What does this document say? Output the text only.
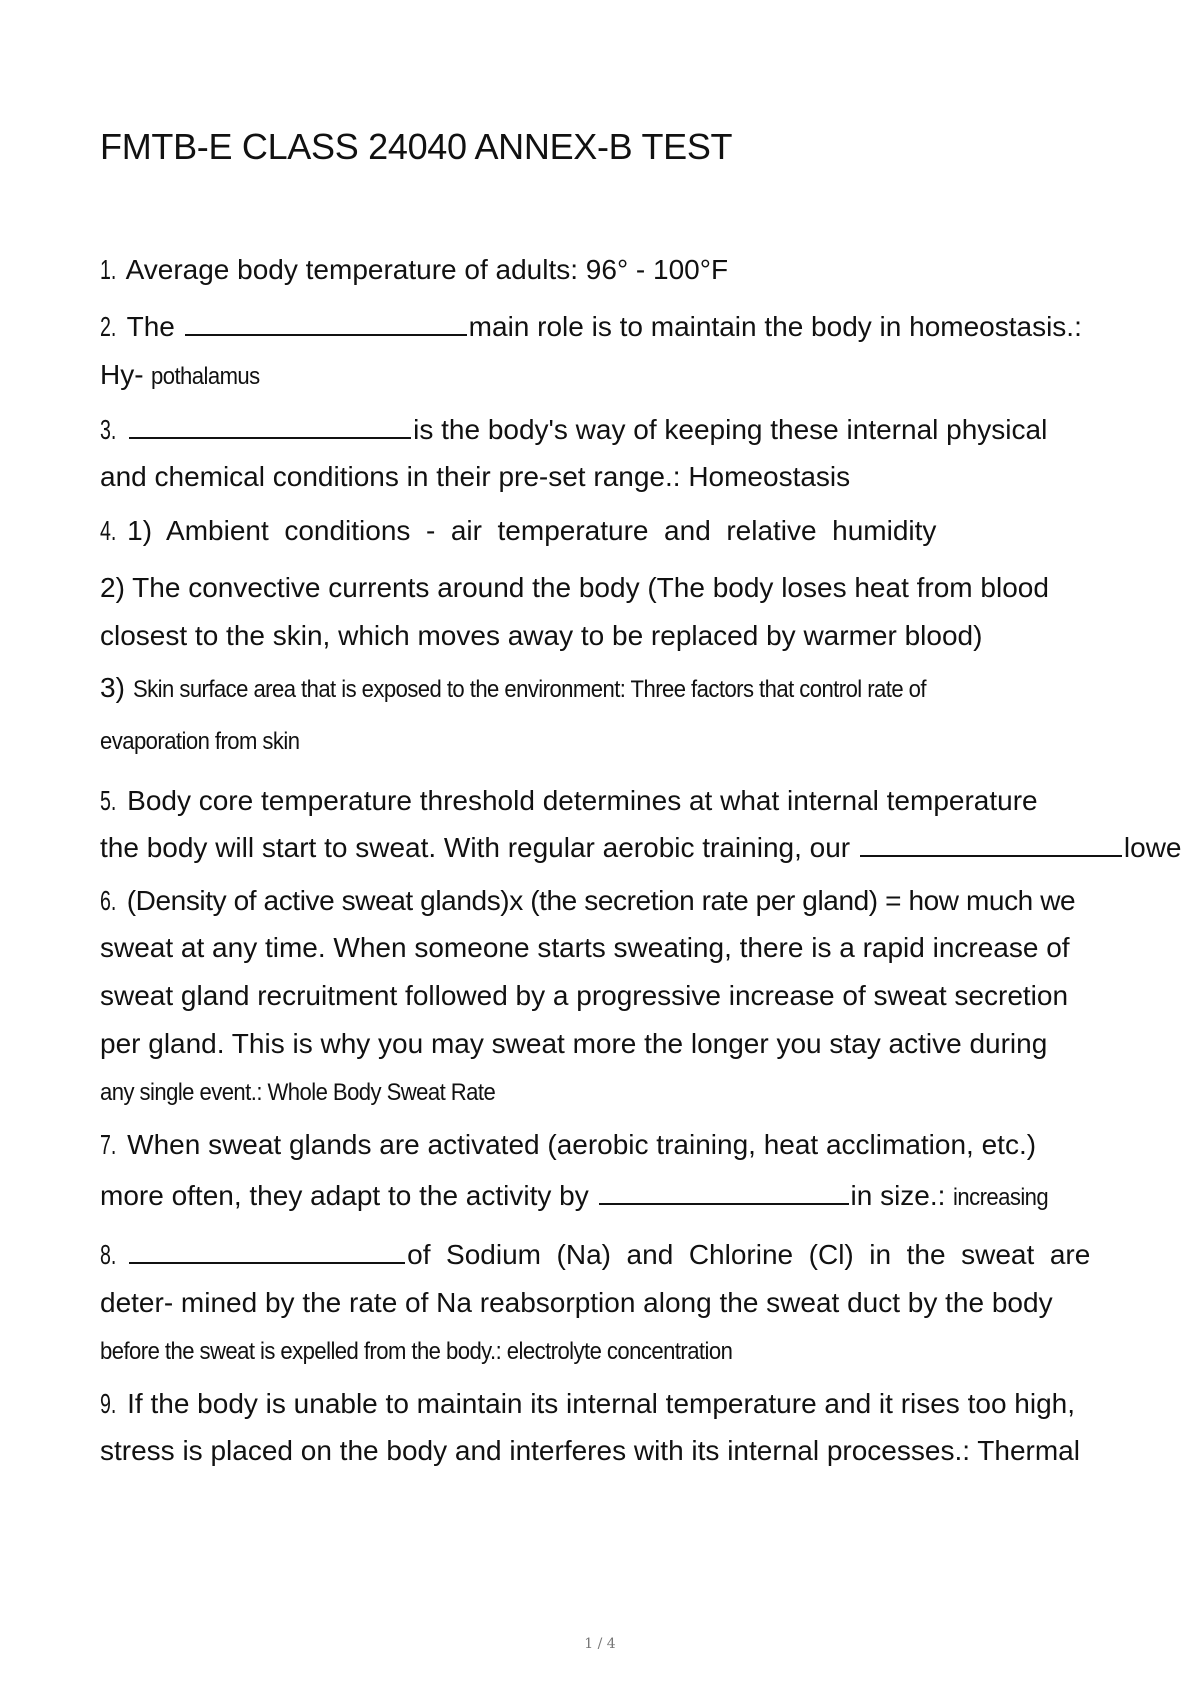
FMTB-E CLASS 24040 ANNEX-B TEST
1. Average body temperature of adults: 96° - 100°F
2. The	main role is to maintain the body in homeostasis.:
Hy- pothalamus
3.	is the body's way of keeping these internal physical
and chemical conditions in their pre-set range.: Homeostasis
4. 1)  Ambient  conditions  -  air  temperature  and  relative  humidity
2) The convective currents around the body (The body loses heat from blood
closest to the skin, which moves away to be replaced by warmer blood)
3) Skin surface area that is exposed to the environment: Three factors that control rate of
evaporation from skin
5. Body core temperature threshold determines at what internal temperature
the body will start to sweat. With regular aerobic training, our	lowe
6. (Density of active sweat glands)x (the secretion rate per gland) = how much we
sweat at any time. When someone starts sweating, there is a rapid increase of
sweat gland recruitment followed by a progressive increase of sweat secretion
per gland. This is why you may sweat more the longer you stay active during
any single event.: Whole Body Sweat Rate
7. When sweat glands are activated (aerobic training, heat acclimation, etc.)
more often, they adapt to the activity by	in size.: increasing
8.	of  Sodium  (Na)  and  Chlorine  (Cl)  in  the  sweat  are
deter- mined by the rate of Na reabsorption along the sweat duct by the body
before the sweat is expelled from the body.: electrolyte concentration
9. If the body is unable to maintain its internal temperature and it rises too high,
stress is placed on the body and interferes with its internal processes.: Thermal
1 / 4
